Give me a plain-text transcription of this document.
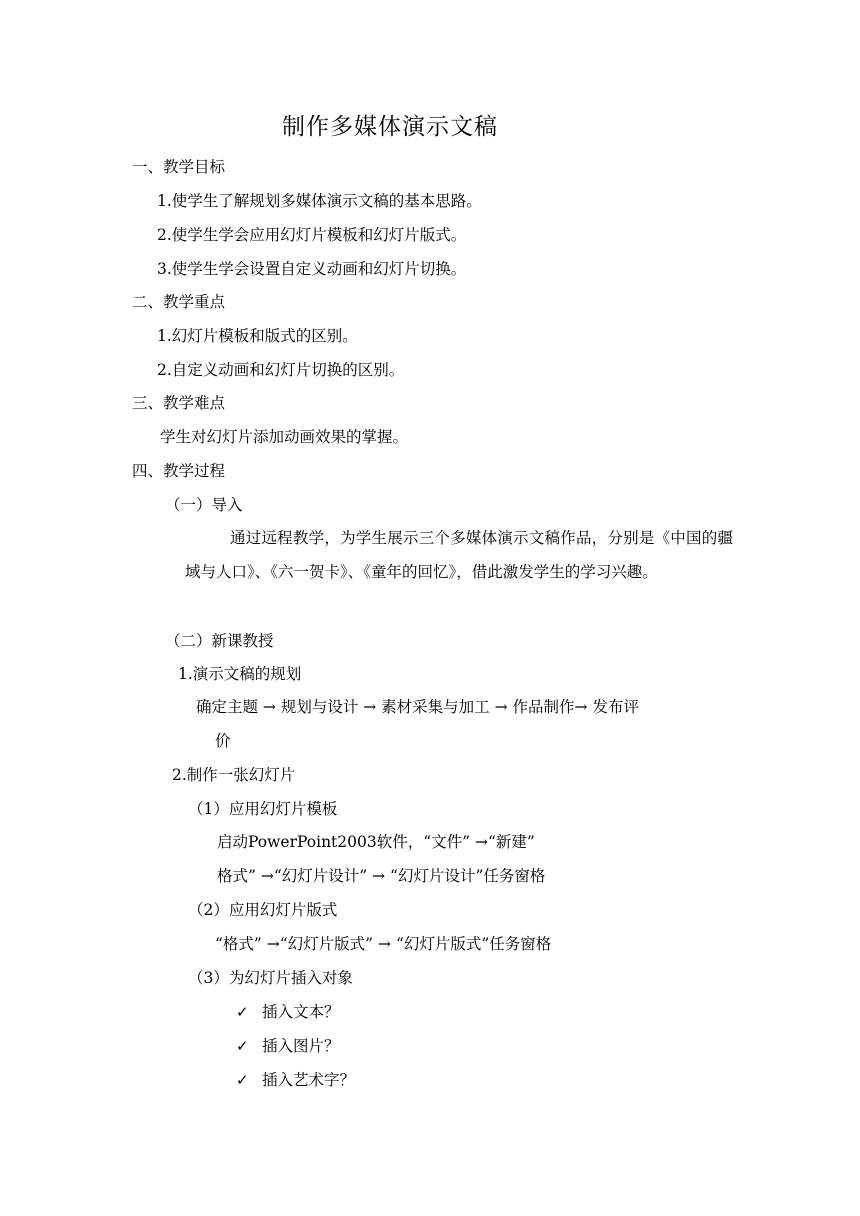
制作多媒体演示文稿
一、教学目标
1.使学生了解规划多媒体演示文稿的基本思路。
2.使学生学会应用幻灯片模板和幻灯片版式。
3.使学生学会设置自定义动画和幻灯片切换。
二、教学重点
1.幻灯片模板和版式的区别。
2.自定义动画和幻灯片切换的区别。
三、教学难点
学生对幻灯片添加动画效果的掌握。
四、教学过程
（一）导入
通过远程教学，为学生展示三个多媒体演示文稿作品，分别是《中国的疆域与人口》、《六一贺卡》、《童年的回忆》，借此激发学生的学习兴趣。
（二）新课教授
1.演示文稿的规划
确定主题 → 规划与设计 → 素材采集与加工 → 作品制作→ 发布评
价
2.制作一张幻灯片
（1）应用幻灯片模板
启动PowerPoint2003软件，“文件” →“新建”
格式” →“幻灯片设计” → “幻灯片设计”任务窗格
（2）应用幻灯片版式
“格式” →“幻灯片版式” → “幻灯片版式”任务窗格
（3）为幻灯片插入对象
✓ 插入文本？
✓ 插入图片？
✓ 插入艺术字？
